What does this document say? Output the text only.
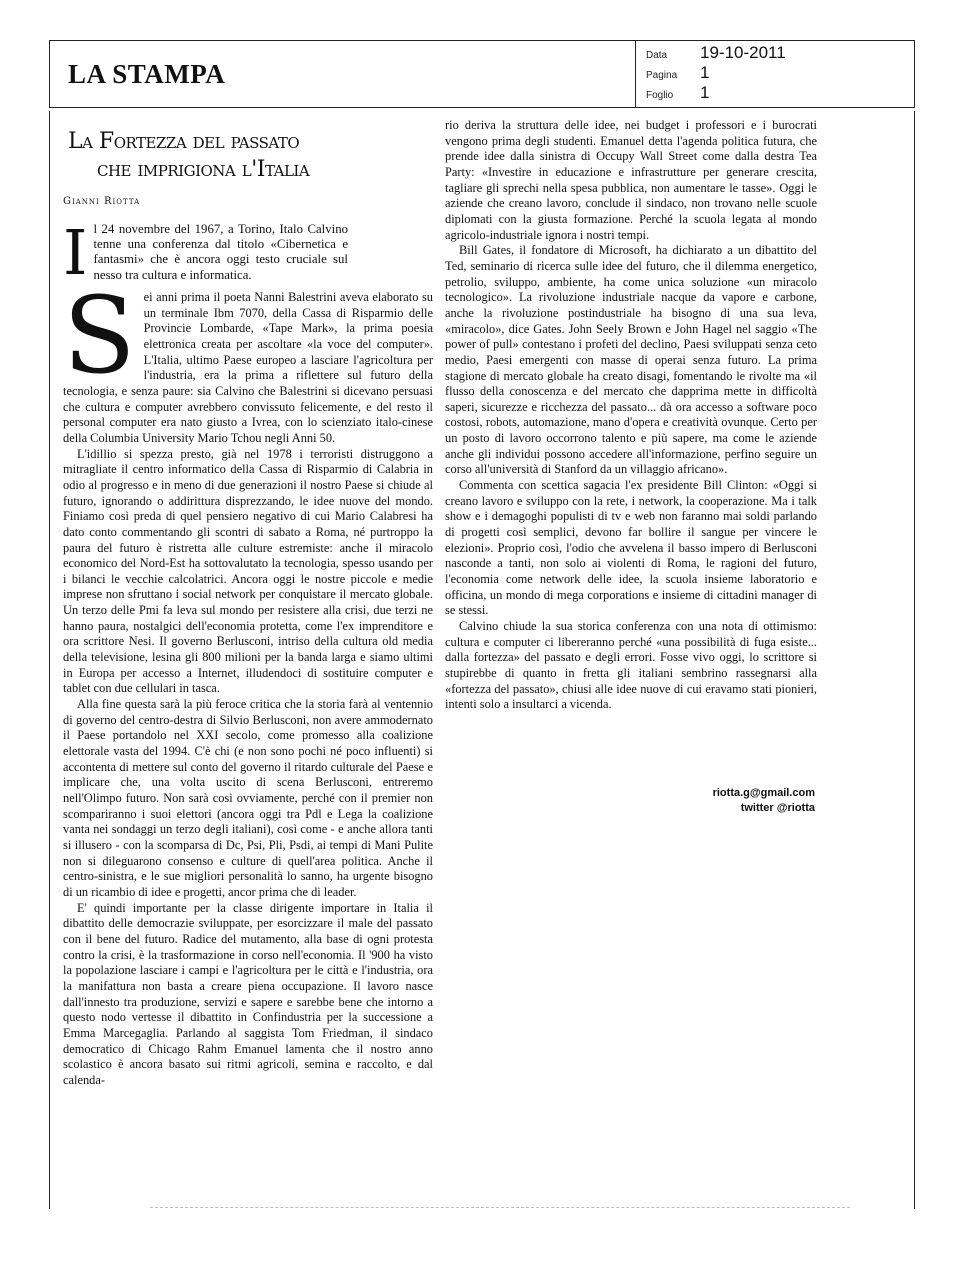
LA STAMPA
Data 19-10-2011
Pagina 1
Foglio 1
La Fortezza del passato
che imprigiona l'Italia
Gianni Riotta

Il 24 novembre del 1967, a Torino, Italo Calvino tenne una conferenza dal titolo «Cibernetica e fantasmi» che è ancora oggi testo cruciale sul nesso tra cultura e informatica.

Sei anni prima il poeta Nanni Balestrini aveva elaborato su un terminale Ibm 7070, della Cassa di Risparmio delle Provincie Lombarde, «Tape Mark», la prima poesia elettronica creata per ascoltare «la voce del computer». L'Italia, ultimo Paese europeo a lasciare l'agricoltura per l'industria, era la prima a riflettere sul futuro della tecnologia, e senza paure: sia Calvino che Balestrini si dicevano persuasi che cultura e computer avrebbero convissuto felicemente, e del resto il personal computer era nato giusto a Ivrea, con lo scienziato italo-cinese della Columbia University Mario Tchou negli Anni 50.

L'idillio si spezza presto, già nel 1978 i terroristi distruggono a mitragliate il centro informatico della Cassa di Risparmio di Calabria in odio al progresso e in meno di due generazioni il nostro Paese si chiude al futuro, ignorando o addirittura disprezzando, le idee nuove del mondo. Finiamo così preda di quel pensiero negativo di cui Mario Calabresi ha dato conto commentando gli scontri di sabato a Roma, né purtroppo la paura del futuro è ristretta alle culture estremiste: anche il miracolo economico del Nord-Est ha sottovalutato la tecnologia, spesso usando per i bilanci le vecchie calcolatrici. Ancora oggi le nostre piccole e medie imprese non sfruttano i social network per conquistare il mercato globale. Un terzo delle Pmi fa leva sul mondo per resistere alla crisi, due terzi ne hanno paura, nostalgici dell'economia protetta, come l'ex imprenditore e ora scrittore Nesi. Il governo Berlusconi, intriso della cultura old media della televisione, lesina gli 800 milioni per la banda larga e siamo ultimi in Europa per accesso a Internet, illudendoci di sostituire computer e tablet con due cellulari in tasca.

Alla fine questa sarà la più feroce critica che la storia farà al ventennio di governo del centro-destra di Silvio Berlusconi, non avere ammodernato il Paese portandolo nel XXI secolo, come promesso alla coalizione elettorale vasta del 1994. C'è chi (e non sono pochi né poco influenti) si accontenta di mettere sul conto del governo il ritardo culturale del Paese e implicare che, una volta uscito di scena Berlusconi, entreremo nell'Olimpo futuro. Non sarà così ovviamente, perché con il premier non scompariranno i suoi elettori (ancora oggi tra Pdl e Lega la coalizione vanta nei sondaggi un terzo degli italiani), così come - e anche allora tanti si illusero - con la scomparsa di Dc, Psi, Pli, Psdi, ai tempi di Mani Pulite non si dileguarono consenso e culture di quell'area politica. Anche il centro-sinistra, e le sue migliori personalità lo sanno, ha urgente bisogno di un ricambio di idee e progetti, ancor prima che di leader.

E' quindi importante per la classe dirigente importare in Italia il dibattito delle democrazie sviluppate, per esorcizzare il male del passato con il bene del futuro. Radice del mutamento, alla base di ogni protesta contro la crisi, è la trasformazione in corso nell'economia. Il '900 ha visto la popolazione lasciare i campi e l'agricoltura per le città e l'industria, ora la manifattura non basta a creare piena occupazione. Il lavoro nasce dall'innesto tra produzione, servizi e sapere e sarebbe bene che intorno a questo nodo vertesse il dibattito in Confindustria per la successione a Emma Marcegaglia. Parlando al saggista Tom Friedman, il sindaco democratico di Chicago Rahm Emanuel lamenta che il nostro anno scolastico è ancora basato sui ritmi agricoli, semina e raccolto, e dal calenda-

rio deriva la struttura delle idee, nei budget i professori e i burocrati vengono prima degli studenti. Emanuel detta l'agenda politica futura, che prende idee dalla sinistra di Occupy Wall Street come dalla destra Tea Party: «Investire in educazione e infrastrutture per generare crescita, tagliare gli sprechi nella spesa pubblica, non aumentare le tasse». Oggi le aziende che creano lavoro, conclude il sindaco, non trovano nelle scuole diplomati con la giusta formazione. Perché la scuola legata al mondo agricolo-industriale ignora i nostri tempi.

Bill Gates, il fondatore di Microsoft, ha dichiarato a un dibattito del Ted, seminario di ricerca sulle idee del futuro, che il dilemma energetico, petrolio, sviluppo, ambiente, ha come unica soluzione «un miracolo tecnologico». La rivoluzione industriale nacque da vapore e carbone, anche la rivoluzione postindustriale ha bisogno di una sua leva, «miracolo», dice Gates. John Seely Brown e John Hagel nel saggio «The power of pull» contestano i profeti del declino, Paesi sviluppati senza ceto medio, Paesi emergenti con masse di operai senza futuro. La prima stagione di mercato globale ha creato disagi, fomentando le rivolte ma «il flusso della conoscenza e del mercato che dapprima mette in difficoltà saperi, sicurezze e ricchezza del passato... dà ora accesso a software poco costosi, robots, automazione, mano d'opera e creatività ovunque. Certo per un posto di lavoro occorrono talento e più sapere, ma come le aziende anche gli individui possono accedere all'informazione, perfino seguire un corso all'università di Stanford da un villaggio africano».

Commenta con scettica sagacia l'ex presidente Bill Clinton: «Oggi si creano lavoro e sviluppo con la rete, i network, la cooperazione. Ma i talk show e i demagoghi populisti di tv e web non faranno mai soldi parlando di progetti così semplici, devono far bollire il sangue per vincere le elezioni». Proprio così, l'odio che avvelena il basso impero di Berlusconi nasconde a tanti, non solo ai violenti di Roma, le ragioni del futuro, l'economia come network delle idee, la scuola insieme laboratorio e officina, un mondo di mega corporations e insieme di cittadini manager di se stessi.

Calvino chiude la sua storica conferenza con una nota di ottimismo: cultura e computer ci libereranno perché «una possibilità di fuga esiste... dalla fortezza» del passato e degli errori. Fosse vivo oggi, lo scrittore si stupirebbe di quanto in fretta gli italiani sembrino rassegnarsi alla «fortezza del passato», chiusi alle idee nuove di cui eravamo stati pionieri, intenti solo a insultarci a vicenda.

riotta.g@gmail.com
twitter @riotta
